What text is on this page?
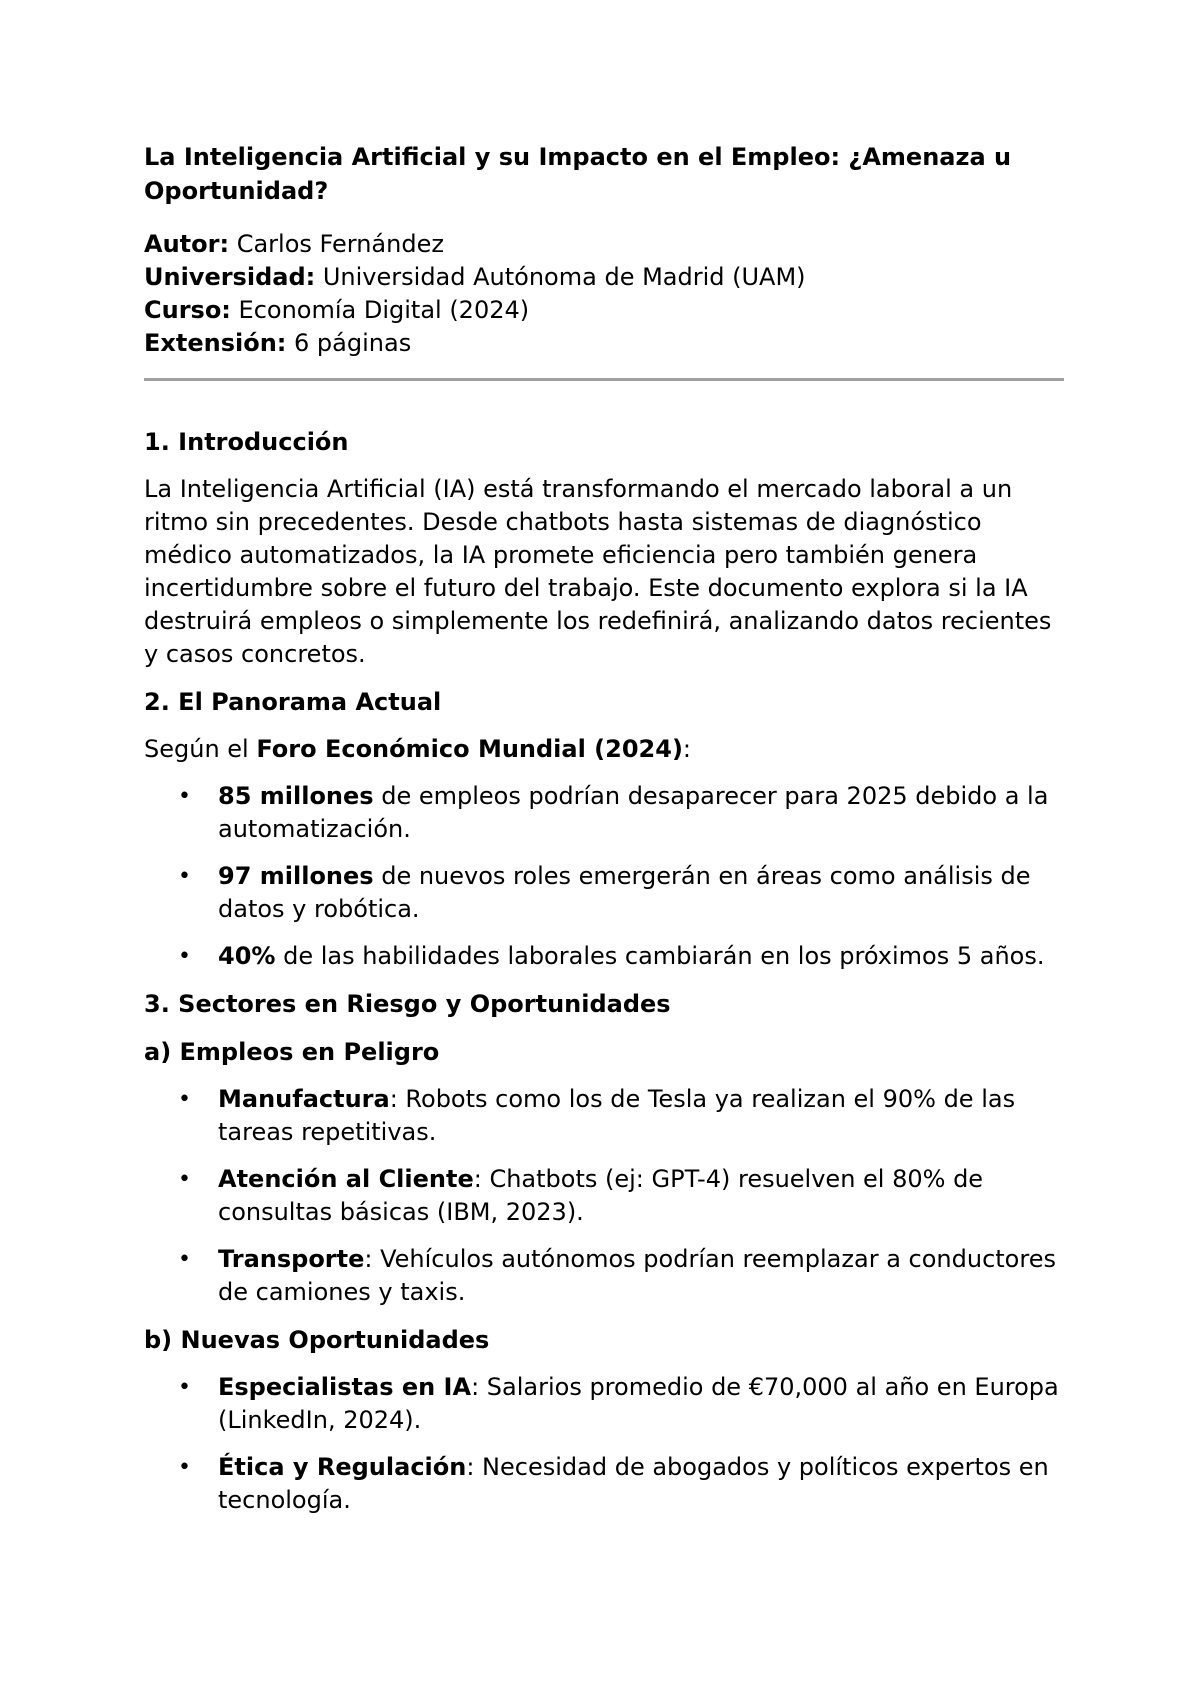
La Inteligencia Artificial y su Impacto en el Empleo: ¿Amenaza u Oportunidad?

Autor: Carlos Fernández

Universidad: Universidad Autónoma de Madrid (UAM)

Curso: Economía Digital (2024)

Extensión: 6 páginas

1. Introducción

La Inteligencia Artificial (IA) está transformando el mercado laboral a un ritmo sin precedentes. Desde chatbots hasta sistemas de diagnóstico médico automatizados, la IA promete eficiencia pero también genera incertidumbre sobre el futuro del trabajo. Este documento explora si la IA destruirá empleos o simplemente los redefinirá, analizando datos recientes y casos concretos.

2. El Panorama Actual

Según el Foro Económico Mundial (2024):

• 85 millones de empleos podrían desaparecer para 2025 debido a la automatización.
• 97 millones de nuevos roles emergerán en áreas como análisis de datos y robótica.
• 40% de las habilidades laborales cambiarán en los próximos 5 años.
3. Sectores en Riesgo y Oportunidades
a) Empleos en Peligro
• Manufactura: Robots como los de Tesla ya realizan el 90% de las tareas repetitivas.
• Atención al Cliente: Chatbots (ej: GPT-4) resuelven el 80% de consultas básicas (IBM, 2023).
• Transporte: Vehículos autónomos podrían reemplazar a conductores de camiones y taxis.
b) Nuevas Oportunidades
• Especialistas en IA: Salarios promedio de €70,000 al año en Europa (LinkedIn, 2024).
• Ética y Regulación: Necesidad de abogados y políticos expertos en tecnología.
